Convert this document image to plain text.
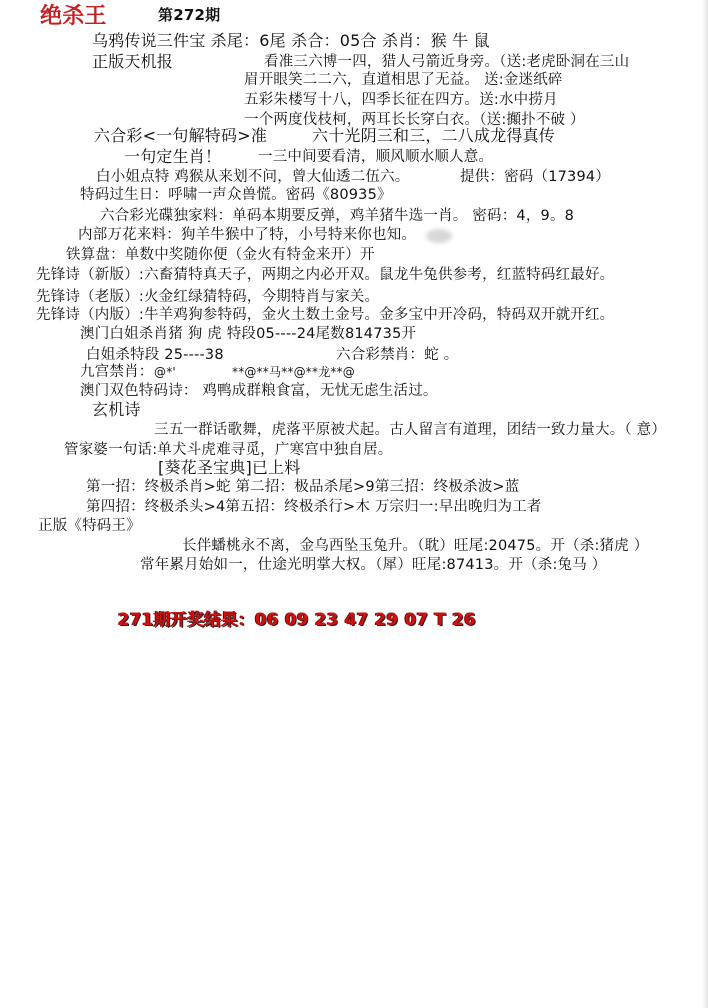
绝杀王	第272期
乌鸦传说三件宝 杀尾：6尾 杀合：05合 杀肖：猴 牛 鼠
正版天机报	看准三六博一四，猎人弓箭近身旁。（送:老虎卧洞在三山
眉开眼笑二二六，直道相思了无益。 送:金迷纸碎
五彩朱楼写十八，四季长征在四方。送:水中捞月
一个两度伐枝柯，两耳长长穿白衣。（送:攧扑不破 ）
六合彩<一句解特码>准	六十光阴三和三，二八成龙得真传
一句定生肖！	一三中间要看清，顺风顺水顺人意。
白小姐点特 鸡猴从来划不问，曾大仙透二伍六。	提供：密码（17394）
特码过生日：呼啸一声众兽慌。密码《80935》
六合彩光碟独家料：单码本期要反弹，鸡羊猪牛选一肖。 密码：4，9。8
内部万花来料：狗羊牛猴中了特，小号特来你也知。
铁算盘：单数中奖随你便（金火有特金来开）开
先锋诗（新版）:六畜猜特真天子，两期之内必开双。鼠龙牛兔供参考，红蓝特码红最好。
先锋诗（老版）:火金红绿猜特码，今期特肖与家关。
先锋诗（内版）:牛羊鸡狗参特码，金火土数土金号。金多宝中开冷码，特码双开就开红。
澳门白姐杀肖猪 狗 虎 特段05----24尾数814735开
白姐杀特段 25----38	六合彩禁肖：蛇 。
九宫禁肖： @*'	**@**马**@**龙**@
澳门双色特码诗： 鸡鸭成群粮食富，无忧无虑生活过。
玄机诗
三五一群话歌舞，虎落平原被犬起。古人留言有道理，团结一致力量大。（ 意）
管家婆一句话:单犬斗虎难寻觅，广寒宫中独自居。
[葵花圣宝典]已上料
第一招：终极杀肖>蛇 第二招：极品杀尾>9第三招：终极杀波>蓝
第四招：终极杀头>4第五招：终极杀行>木 万宗归一:早出晚归为工者
正版《特码王》
长伴蟠桃永不离，金乌西坠玉兔升。（耽）旺尾:20475。开（杀:猪虎 ）
常年累月始如一，仕途光明掌大权。（犀）旺尾:87413。开（杀:兔马 ）
271期开奖结果：06 09 23 47 29 07 T 26
